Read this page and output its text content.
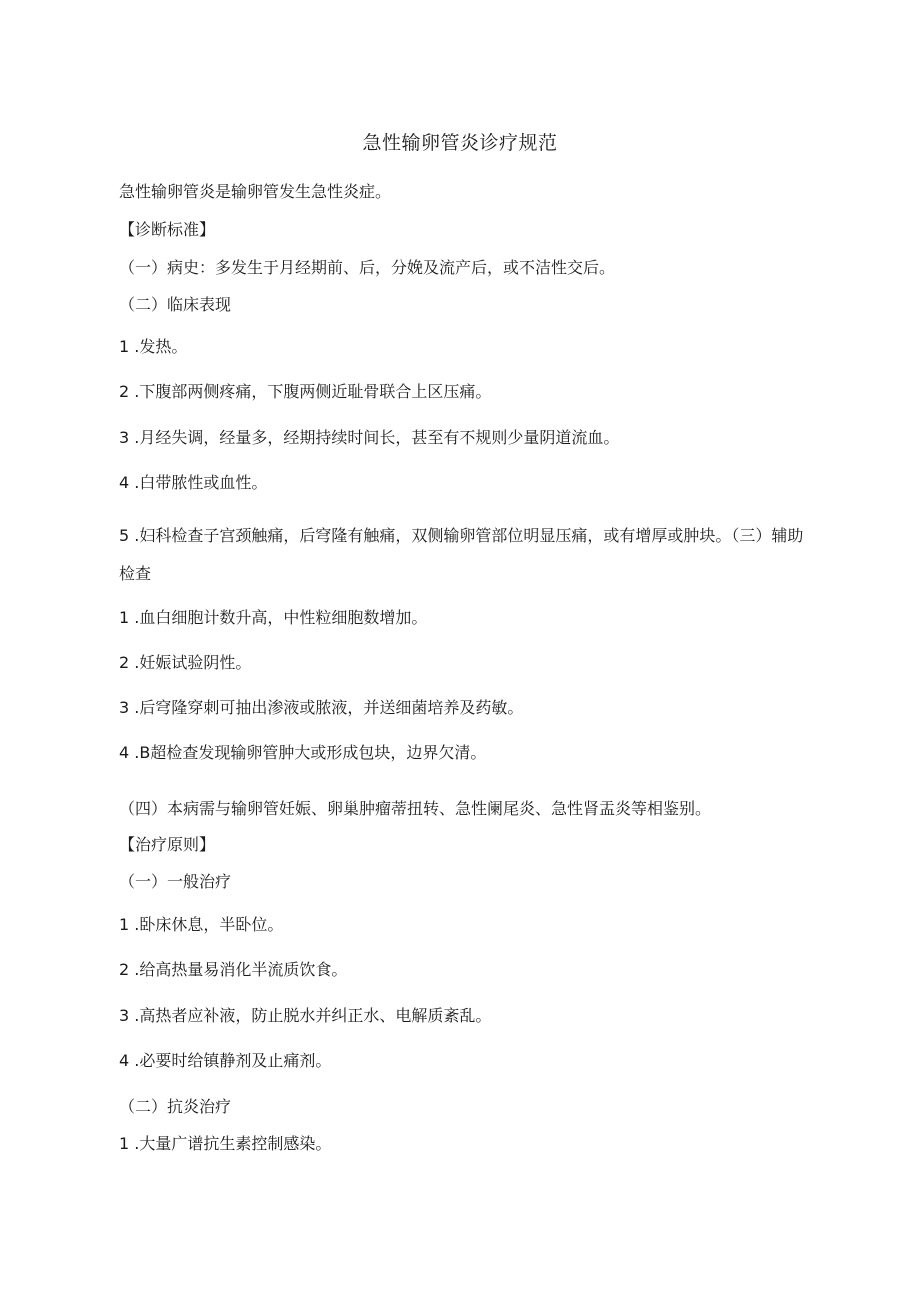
急性输卵管炎诊疗规范
急性输卵管炎是输卵管发生急性炎症。
【诊断标准】
（一）病史：多发生于月经期前、后，分娩及流产后，或不洁性交后。
（二）临床表现
1 .发热。
2 .下腹部两侧疼痛，下腹两侧近耻骨联合上区压痛。
3 .月经失调，经量多，经期持续时间长，甚至有不规则少量阴道流血。
4 .白带脓性或血性。
5 .妇科检查子宫颈触痛，后穹隆有触痛，双侧输卵管部位明显压痛，或有增厚或肿块。（三）辅助检查
1 .血白细胞计数升高，中性粒细胞数增加。
2 .妊娠试验阴性。
3 .后穹隆穿刺可抽出渗液或脓液，并送细菌培养及药敏。
4 .B超检查发现输卵管肿大或形成包块，边界欠清。
（四）本病需与输卵管妊娠、卵巢肿瘤蒂扭转、急性阑尾炎、急性肾盂炎等相鉴别。
【治疗原则】
（一）一般治疗
1 .卧床休息，半卧位。
2 .给高热量易消化半流质饮食。
3 .高热者应补液，防止脱水并纠正水、电解质紊乱。
4 .必要时给镇静剂及止痛剂。
（二）抗炎治疗
1 .大量广谱抗生素控制感染。
